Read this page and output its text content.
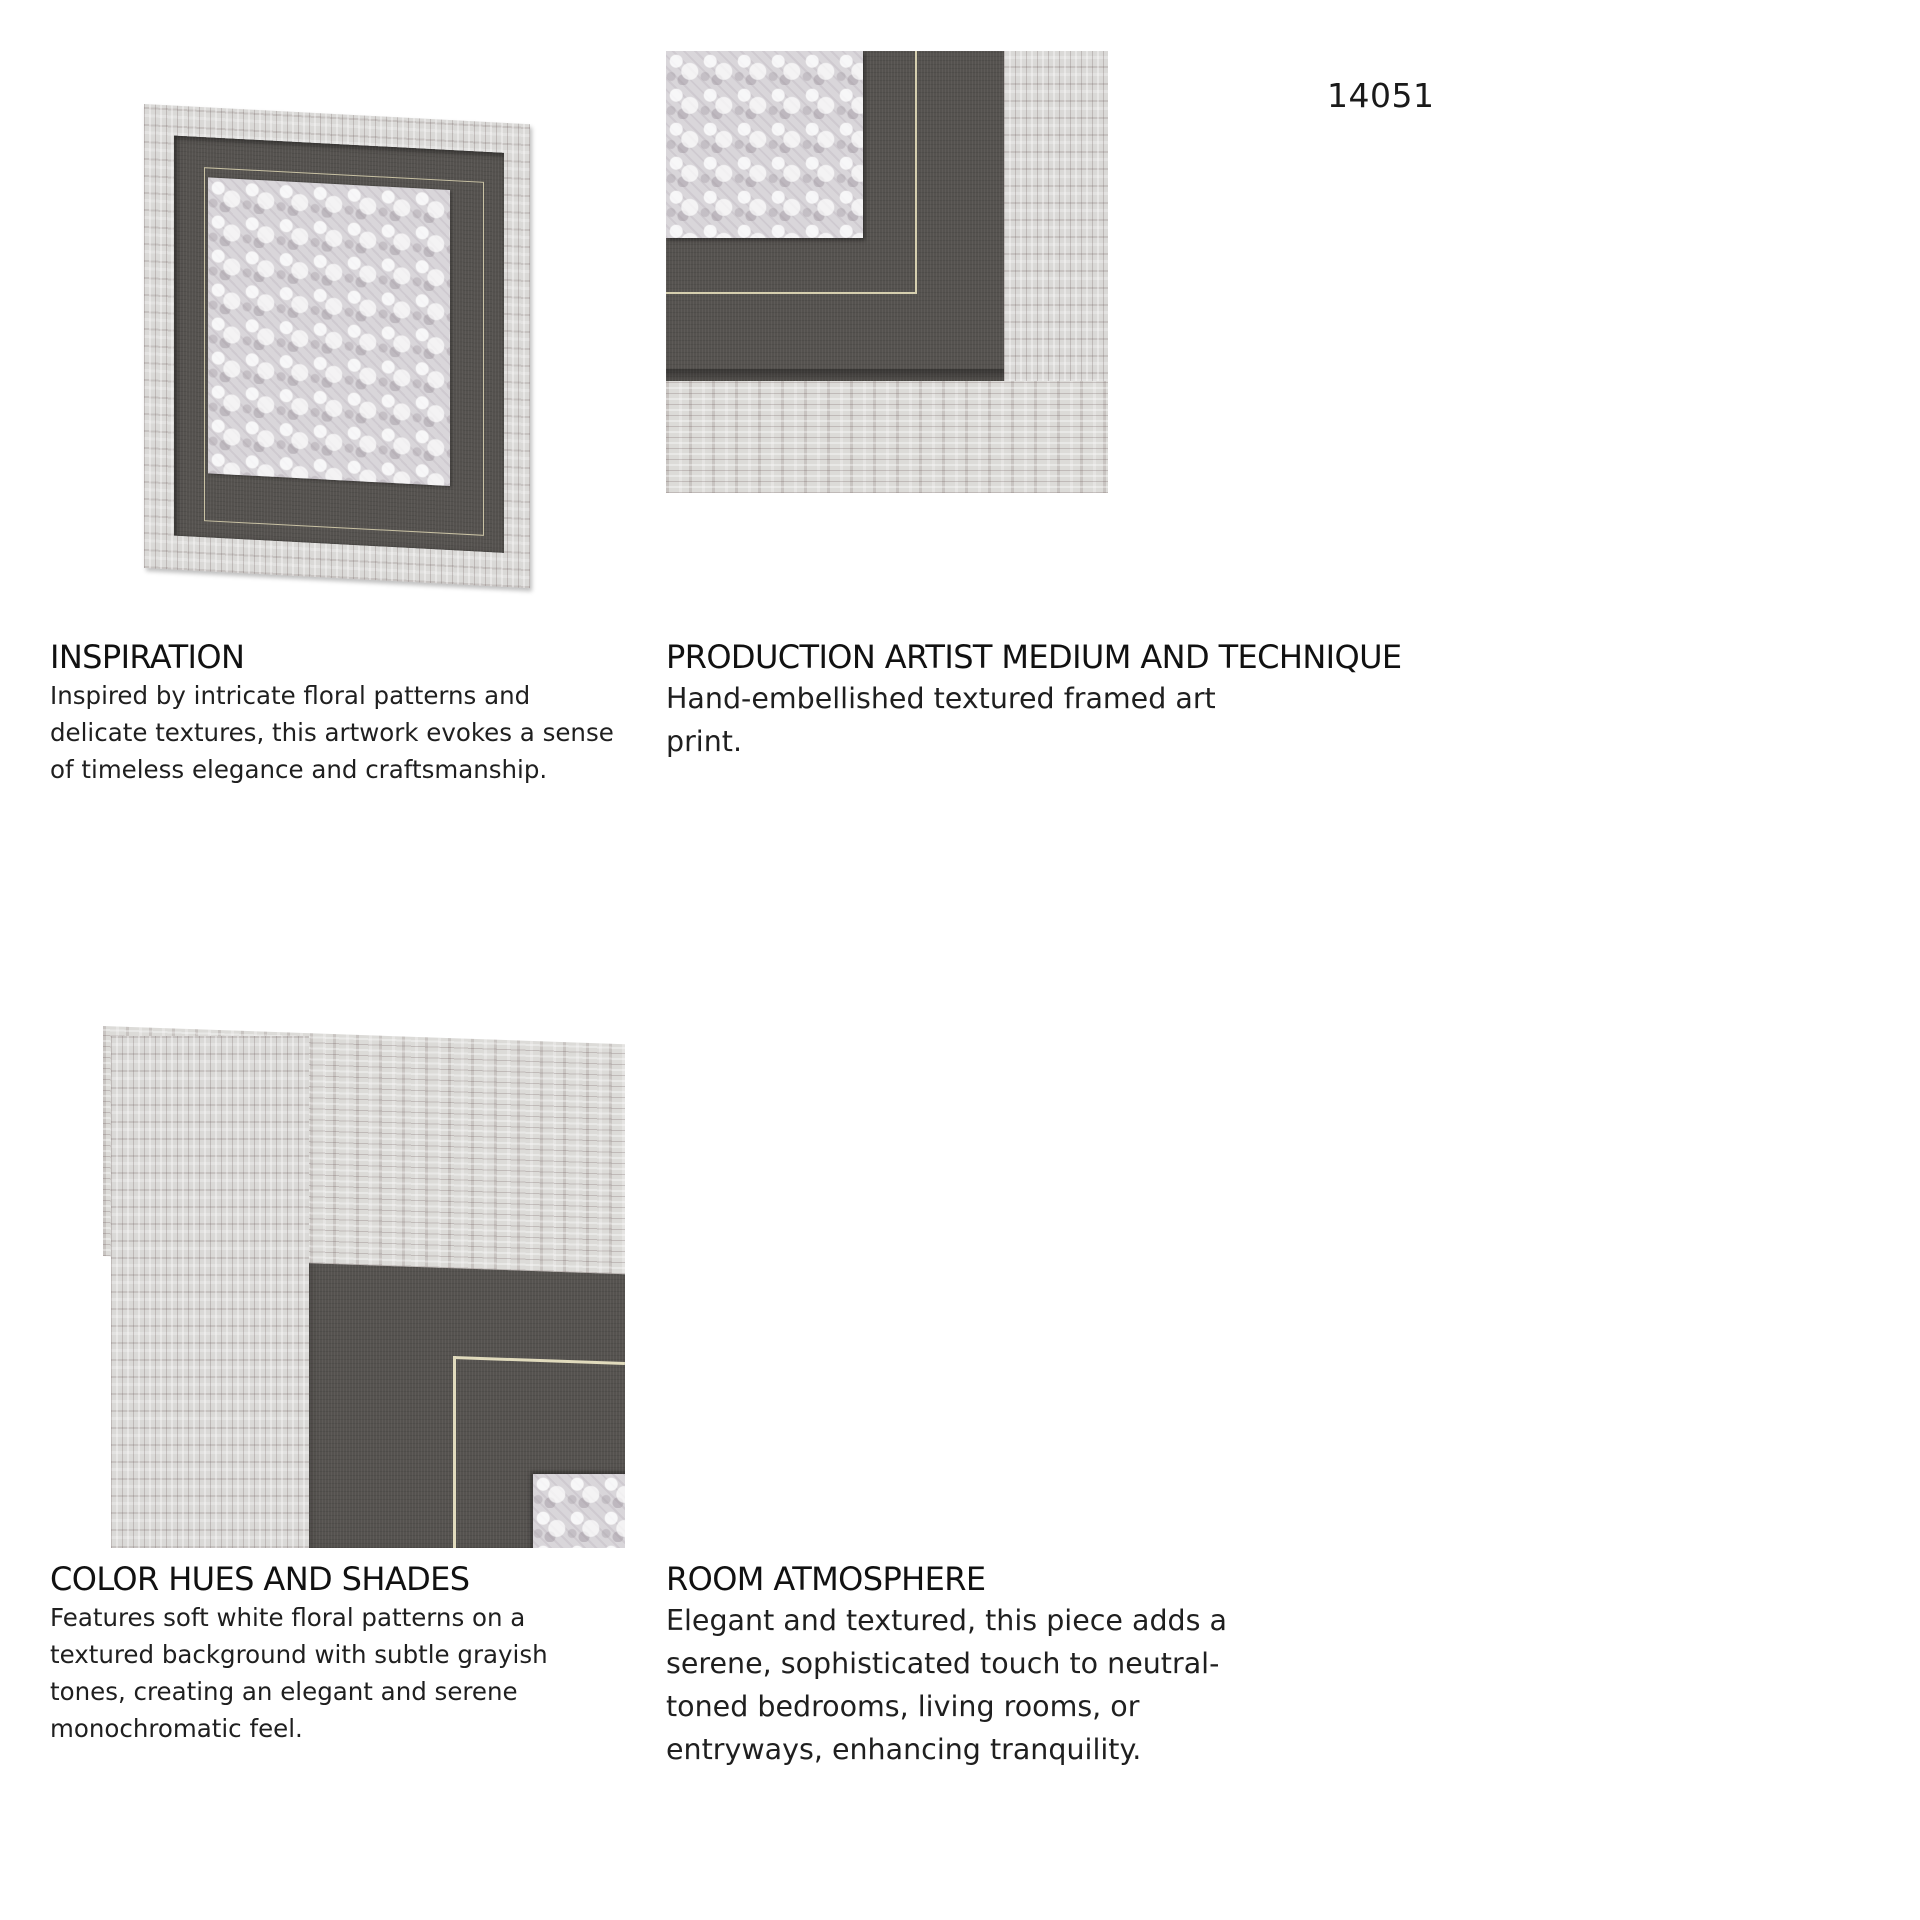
14051
INSPIRATION
Inspired by intricate floral patterns and delicate textures, this artwork evokes a sense of timeless elegance and craftsmanship.
PRODUCTION ARTIST MEDIUM AND TECHNIQUE
Hand-embellished textured framed art print.
COLOR HUES AND SHADES
Features soft white floral patterns on a textured background with subtle grayish tones, creating an elegant and serene monochromatic feel.
ROOM ATMOSPHERE
Elegant and textured, this piece adds a serene, sophisticated touch to neutral-toned bedrooms, living rooms, or entryways, enhancing tranquility.
